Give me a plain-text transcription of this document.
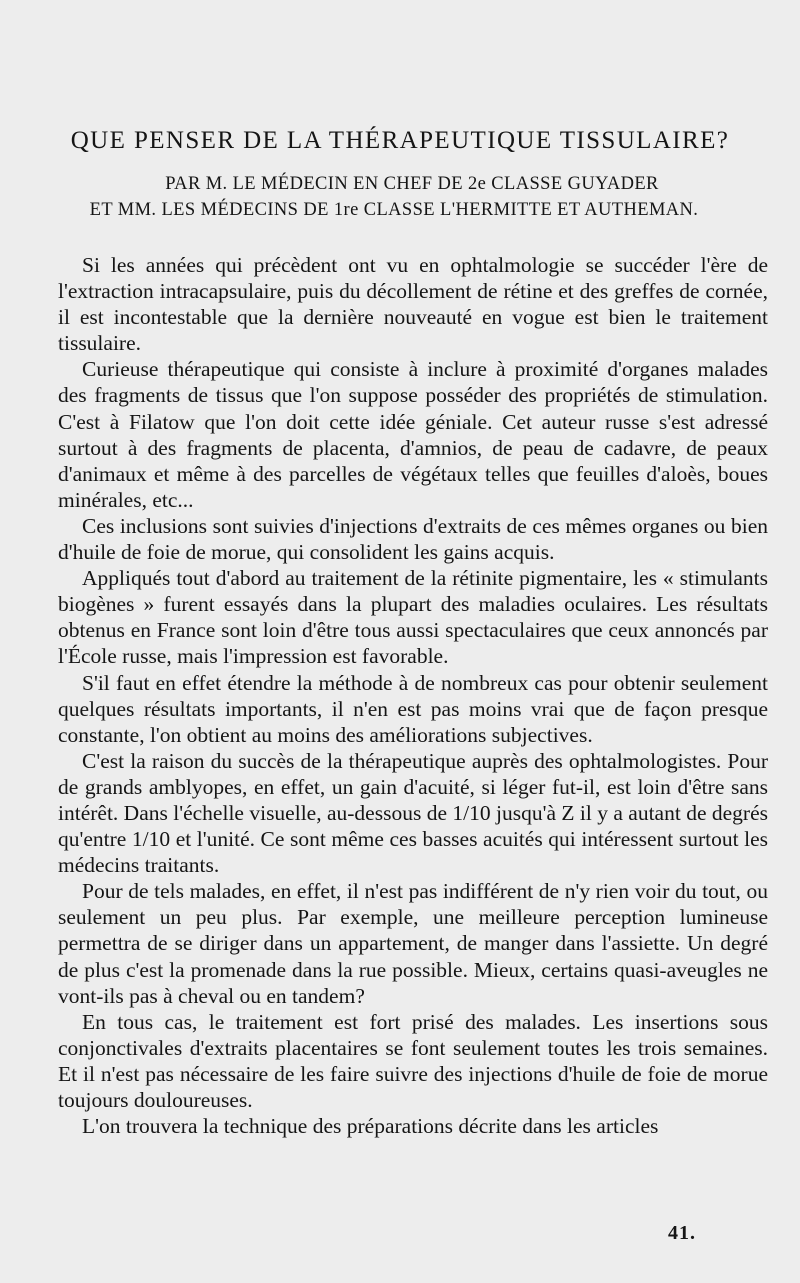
QUE PENSER DE LA THÉRAPEUTIQUE TISSULAIRE?
PAR M. LE MÉDECIN EN CHEF DE 2e CLASSE GUYADER
ET MM. LES MÉDECINS DE 1re CLASSE L'HERMITTE ET AUTHEMAN.

Si les années qui précèdent ont vu en ophtalmologie se succéder l'ère de l'extraction intracapsulaire, puis du décollement de rétine et des greffes de cornée, il est incontestable que la dernière nouveauté en vogue est bien le traitement tissulaire.

Curieuse thérapeutique qui consiste à inclure à proximité d'organes malades des fragments de tissus que l'on suppose posséder des propriétés de stimulation. C'est à Filatow que l'on doit cette idée géniale. Cet auteur russe s'est adressé surtout à des fragments de placenta, d'amnios, de peau de cadavre, de peaux d'animaux et même à des parcelles de végétaux telles que feuilles d'aloès, boues minérales, etc...

Ces inclusions sont suivies d'injections d'extraits de ces mêmes organes ou bien d'huile de foie de morue, qui consolident les gains acquis.

Appliqués tout d'abord au traitement de la rétinite pigmentaire, les « stimulants biogènes » furent essayés dans la plupart des maladies oculaires. Les résultats obtenus en France sont loin d'être tous aussi spectaculaires que ceux annoncés par l'École russe, mais l'impression est favorable.

S'il faut en effet étendre la méthode à de nombreux cas pour obtenir seulement quelques résultats importants, il n'en est pas moins vrai que de façon presque constante, l'on obtient au moins des améliorations subjectives.

C'est la raison du succès de la thérapeutique auprès des ophtalmologistes. Pour de grands amblyopes, en effet, un gain d'acuité, si léger fut-il, est loin d'être sans intérêt. Dans l'échelle visuelle, au-dessous de 1/10 jusqu'à Z il y a autant de degrés qu'entre 1/10 et l'unité. Ce sont même ces basses acuités qui intéressent surtout les médecins traitants.

Pour de tels malades, en effet, il n'est pas indifférent de n'y rien voir du tout, ou seulement un peu plus. Par exemple, une meilleure perception lumineuse permettra de se diriger dans un appartement, de manger dans l'assiette. Un degré de plus c'est la promenade dans la rue possible. Mieux, certains quasi-aveugles ne vont-ils pas à cheval ou en tandem?

En tous cas, le traitement est fort prisé des malades. Les insertions sous conjonctivales d'extraits placentaires se font seulement toutes les trois semaines. Et il n'est pas nécessaire de les faire suivre des injections d'huile de foie de morue toujours douloureuses.

L'on trouvera la technique des préparations décrite dans les articles

41.
